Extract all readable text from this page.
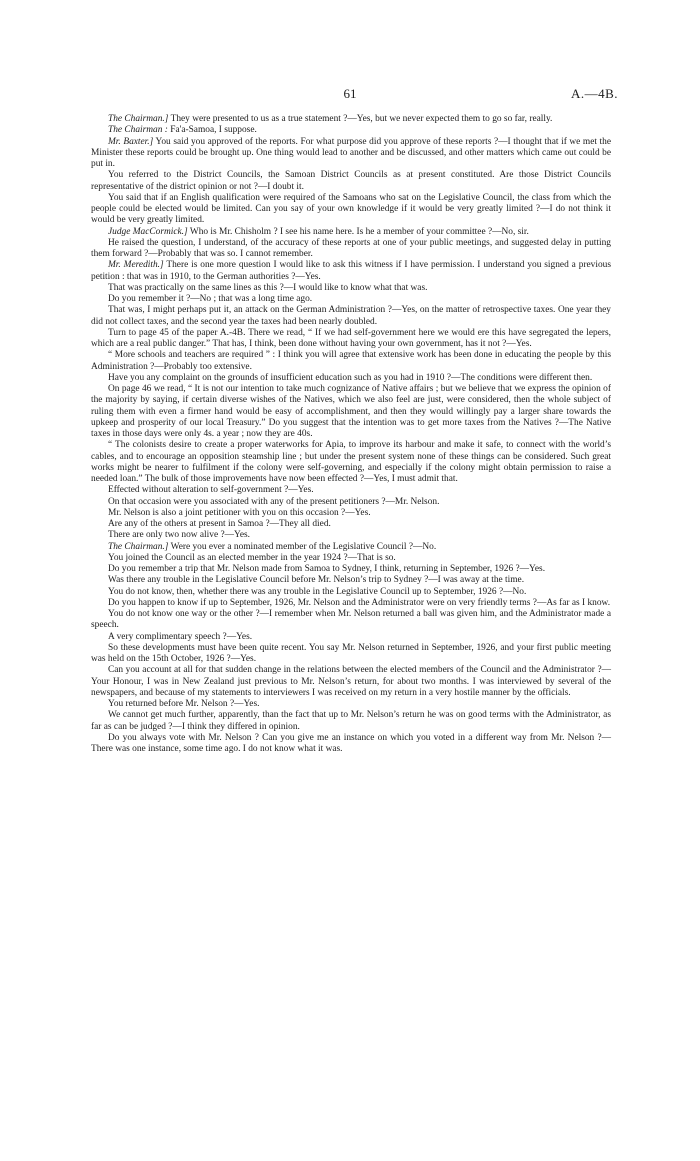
61	A.—4B.

The Chairman.] They were presented to us as a true statement ?—Yes, but we never expected them to go so far, really.

The Chairman : Fa'a-Samoa, I suppose.

Mr. Baxter.] You said you approved of the reports. For what purpose did you approve of these reports ?—I thought that if we met the Minister these reports could be brought up. One thing would lead to another and be discussed, and other matters which came out could be put in.

You referred to the District Councils, the Samoan District Councils as at present constituted. Are those District Councils representative of the district opinion or not ?—I doubt it.

You said that if an English qualification were required of the Samoans who sat on the Legislative Council, the class from which the people could be elected would be limited. Can you say of your own knowledge if it would be very greatly limited ?—I do not think it would be very greatly limited.

Judge MacCormick.] Who is Mr. Chisholm ? I see his name here. Is he a member of your committee ?—No, sir.

He raised the question, I understand, of the accuracy of these reports at one of your public meetings, and suggested delay in putting them forward ?—Probably that was so. I cannot remember.

Mr. Meredith.] There is one more question I would like to ask this witness if I have permission. I understand you signed a previous petition : that was in 1910, to the German authorities ?—Yes.

That was practically on the same lines as this ?—I would like to know what that was.

Do you remember it ?—No ; that was a long time ago.

That was, I might perhaps put it, an attack on the German Administration ?—Yes, on the matter of retrospective taxes. One year they did not collect taxes, and the second year the taxes had been nearly doubled.

Turn to page 45 of the paper A.-4B. There we read, “ If we had self-government here we would ere this have segregated the lepers, which are a real public danger.” That has, I think, been done without having your own government, has it not ?—Yes.

“ More schools and teachers are required ” : I think you will agree that extensive work has been done in educating the people by this Administration ?—Probably too extensive.

Have you any complaint on the grounds of insufficient education such as you had in 1910 ?—The conditions were different then.

On page 46 we read, “ It is not our intention to take much cognizance of Native affairs ; but we believe that we express the opinion of the majority by saying, if certain diverse wishes of the Natives, which we also feel are just, were considered, then the whole subject of ruling them with even a firmer hand would be easy of accomplishment, and then they would willingly pay a larger share towards the upkeep and prosperity of our local Treasury.” Do you suggest that the intention was to get more taxes from the Natives ?—The Native taxes in those days were only 4s. a year ; now they are 40s.

“ The colonists desire to create a proper waterworks for Apia, to improve its harbour and make it safe, to connect with the world’s cables, and to encourage an opposition steamship line ; but under the present system none of these things can be considered. Such great works might be nearer to fulfilment if the colony were self-governing, and especially if the colony might obtain permission to raise a needed loan.” The bulk of those improvements have now been effected ?—Yes, I must admit that.

Effected without alteration to self-government ?—Yes.

On that occasion were you associated with any of the present petitioners ?—Mr. Nelson.

Mr. Nelson is also a joint petitioner with you on this occasion ?—Yes.

Are any of the others at present in Samoa ?—They all died.

There are only two now alive ?—Yes.

The Chairman.] Were you ever a nominated member of the Legislative Council ?—No.

You joined the Council as an elected member in the year 1924 ?—That is so.

Do you remember a trip that Mr. Nelson made from Samoa to Sydney, I think, returning in September, 1926 ?—Yes.

Was there any trouble in the Legislative Council before Mr. Nelson’s trip to Sydney ?—I was away at the time.

You do not know, then, whether there was any trouble in the Legislative Council up to September, 1926 ?—No.

Do you happen to know if up to September, 1926, Mr. Nelson and the Administrator were on very friendly terms ?—As far as I know.

You do not know one way or the other ?—I remember when Mr. Nelson returned a ball was given him, and the Administrator made a speech.

A very complimentary speech ?—Yes.

So these developments must have been quite recent. You say Mr. Nelson returned in September, 1926, and your first public meeting was held on the 15th October, 1926 ?—Yes.

Can you account at all for that sudden change in the relations between the elected members of the Council and the Administrator ?—Your Honour, I was in New Zealand just previous to Mr. Nelson’s return, for about two months. I was interviewed by several of the newspapers, and because of my statements to interviewers I was received on my return in a very hostile manner by the officials.

You returned before Mr. Nelson ?—Yes.

We cannot get much further, apparently, than the fact that up to Mr. Nelson’s return he was on good terms with the Administrator, as far as can be judged ?—I think they differed in opinion.

Do you always vote with Mr. Nelson ? Can you give me an instance on which you voted in a different way from Mr. Nelson ?—There was one instance, some time ago. I do not know what it was.
